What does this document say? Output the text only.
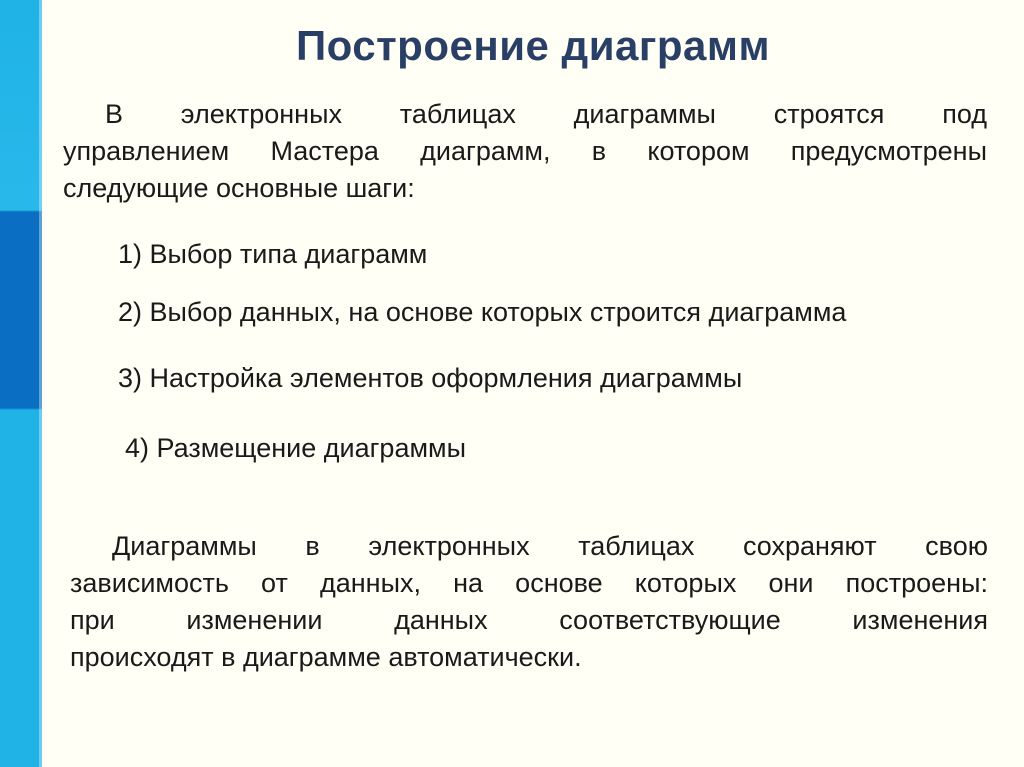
Построение диаграмм
В электронных таблицах диаграммы строятся под
управлением Мастера диаграмм, в котором предусмотрены
следующие основные шаги:

1) Выбор типа диаграмм

2) Выбор данных, на основе которых строится диаграмма

3) Настройка элементов оформления диаграммы

4) Размещение диаграммы

Диаграммы в электронных таблицах сохраняют свою
зависимость от данных, на основе которых они построены:
при изменении данных соответствующие изменения
происходят в диаграмме автоматически.
